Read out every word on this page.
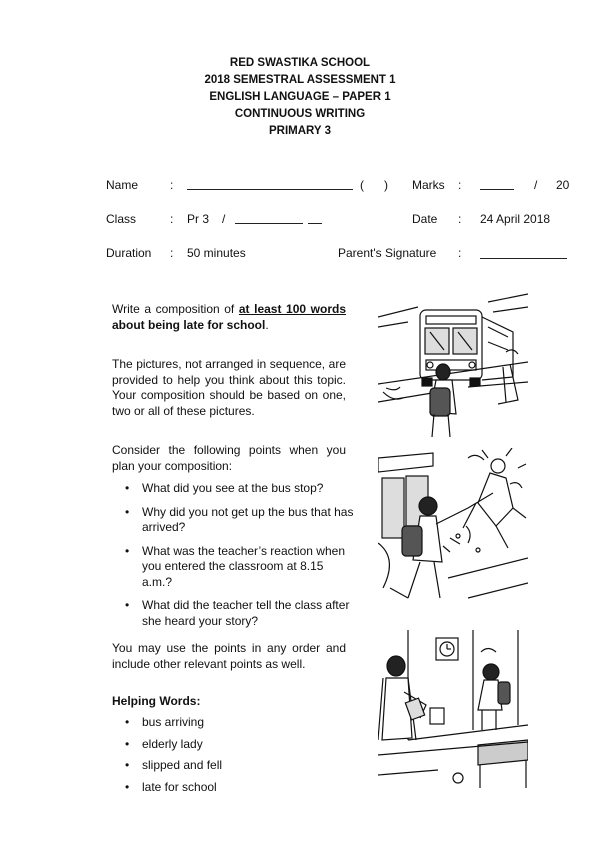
RED SWASTIKA SCHOOL
2018 SEMESTRAL ASSESSMENT 1
ENGLISH LANGUAGE – PAPER 1
CONTINUOUS WRITING
PRIMARY 3
Name	:	( ) Marks :	/ 20
Class	: Pr 3 /	Date : 24 April 2018
Duration : 50 minutes	Parent's Signature :
Write a composition of at least 100 words about being late for school.
The pictures, not arranged in sequence, are provided to help you think about this topic. Your composition should be based on one, two or all of these pictures.
Consider the following points when you plan your composition:
• What did you see at the bus stop?
• Why did you not get up the bus that has arrived?
• What was the teacher’s reaction when you entered the classroom at 8.15 a.m.?
• What did the teacher tell the class after she heard your story?
You may use the points in any order and include other relevant points as well.
Helping Words:
• bus arriving
• elderly lady
• slipped and fell
• late for school
